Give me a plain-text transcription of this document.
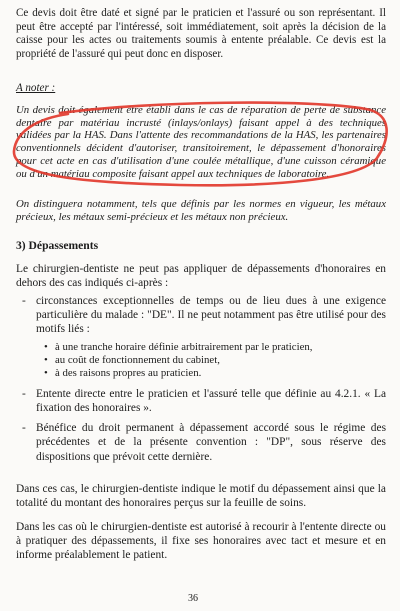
Ce devis doit être daté et signé par le praticien et l'assuré ou son représentant. Il peut être accepté par l'intéressé, soit immédiatement, soit après la décision de la caisse pour les actes ou traitements soumis à entente préalable. Ce devis est la propriété de l'assuré qui peut donc en disposer.

A noter :

Un devis doit également être établi dans le cas de réparation de perte de substance dentaire par matériau incrusté (inlays/onlays) faisant appel à des techniques validées par la HAS. Dans l'attente des recommandations de la HAS, les partenaires conventionnels décident d'autoriser, transitoirement, le dépassement d'honoraires pour cet acte en cas d'utilisation d'une coulée métallique, d'une cuisson céramique ou d'un matériau composite faisant appel aux techniques de laboratoire.

On distinguera notamment, tels que définis par les normes en vigueur, les métaux précieux, les métaux semi-précieux et les métaux non précieux.

3) Dépassements

Le chirurgien-dentiste ne peut pas appliquer de dépassements d'honoraires en dehors des cas indiqués ci-après :

- circonstances exceptionnelles de temps ou de lieu dues à une exigence particulière du malade : "DE". Il ne peut notamment pas être utilisé pour des motifs liés :
• à une tranche horaire définie arbitrairement par le praticien,
• au coût de fonctionnement du cabinet,
• à des raisons propres au praticien.
- Entente directe entre le praticien et l'assuré telle que définie au 4.2.1. « La fixation des honoraires ».
- Bénéfice du droit permanent à dépassement accordé sous le régime des précédentes et de la présente convention : "DP", sous réserve des dispositions que prévoit cette dernière.

Dans ces cas, le chirurgien-dentiste indique le motif du dépassement ainsi que la totalité du montant des honoraires perçus sur la feuille de soins.

Dans les cas où le chirurgien-dentiste est autorisé à recourir à l'entente directe ou à pratiquer des dépassements, il fixe ses honoraires avec tact et mesure et en informe préalablement le patient.

36
